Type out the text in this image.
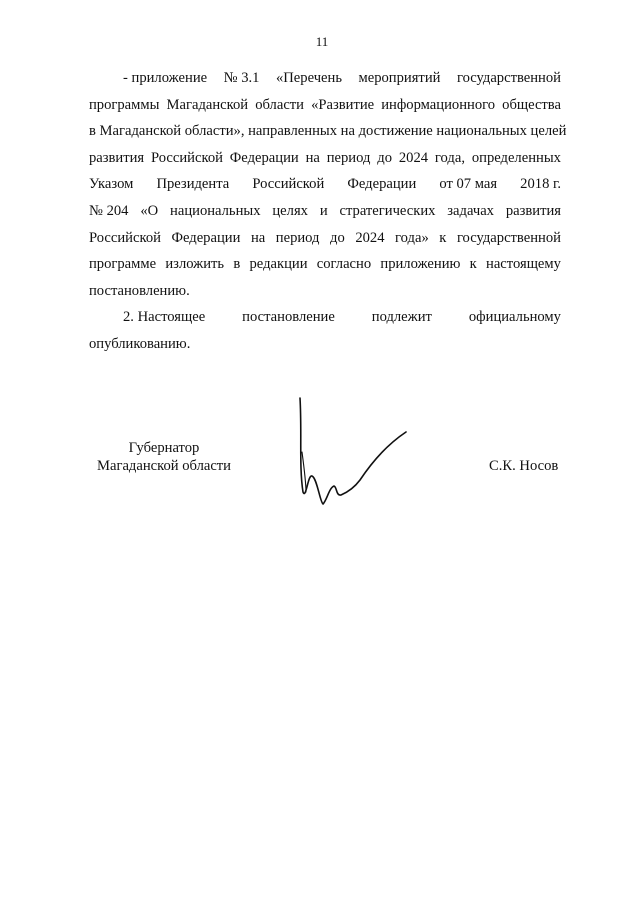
11
- приложение № 3.1 «Перечень мероприятий государственной
программы Магаданской области «Развитие информационного общества
в Магаданской области», направленных на достижение национальных целей
развития Российской Федерации на период до 2024 года, определенных
Указом Президента Российской Федерации от 07 мая 2018 г.
№ 204 «О национальных целях и стратегических задачах развития
Российской Федерации на период до 2024 года» к государственной
программе изложить в редакции согласно приложению к настоящему
постановлению.
2. Настоящее	постановление	подлежит	официальному
опубликованию.
Губернатор
Магаданской области	С.К. Носов
